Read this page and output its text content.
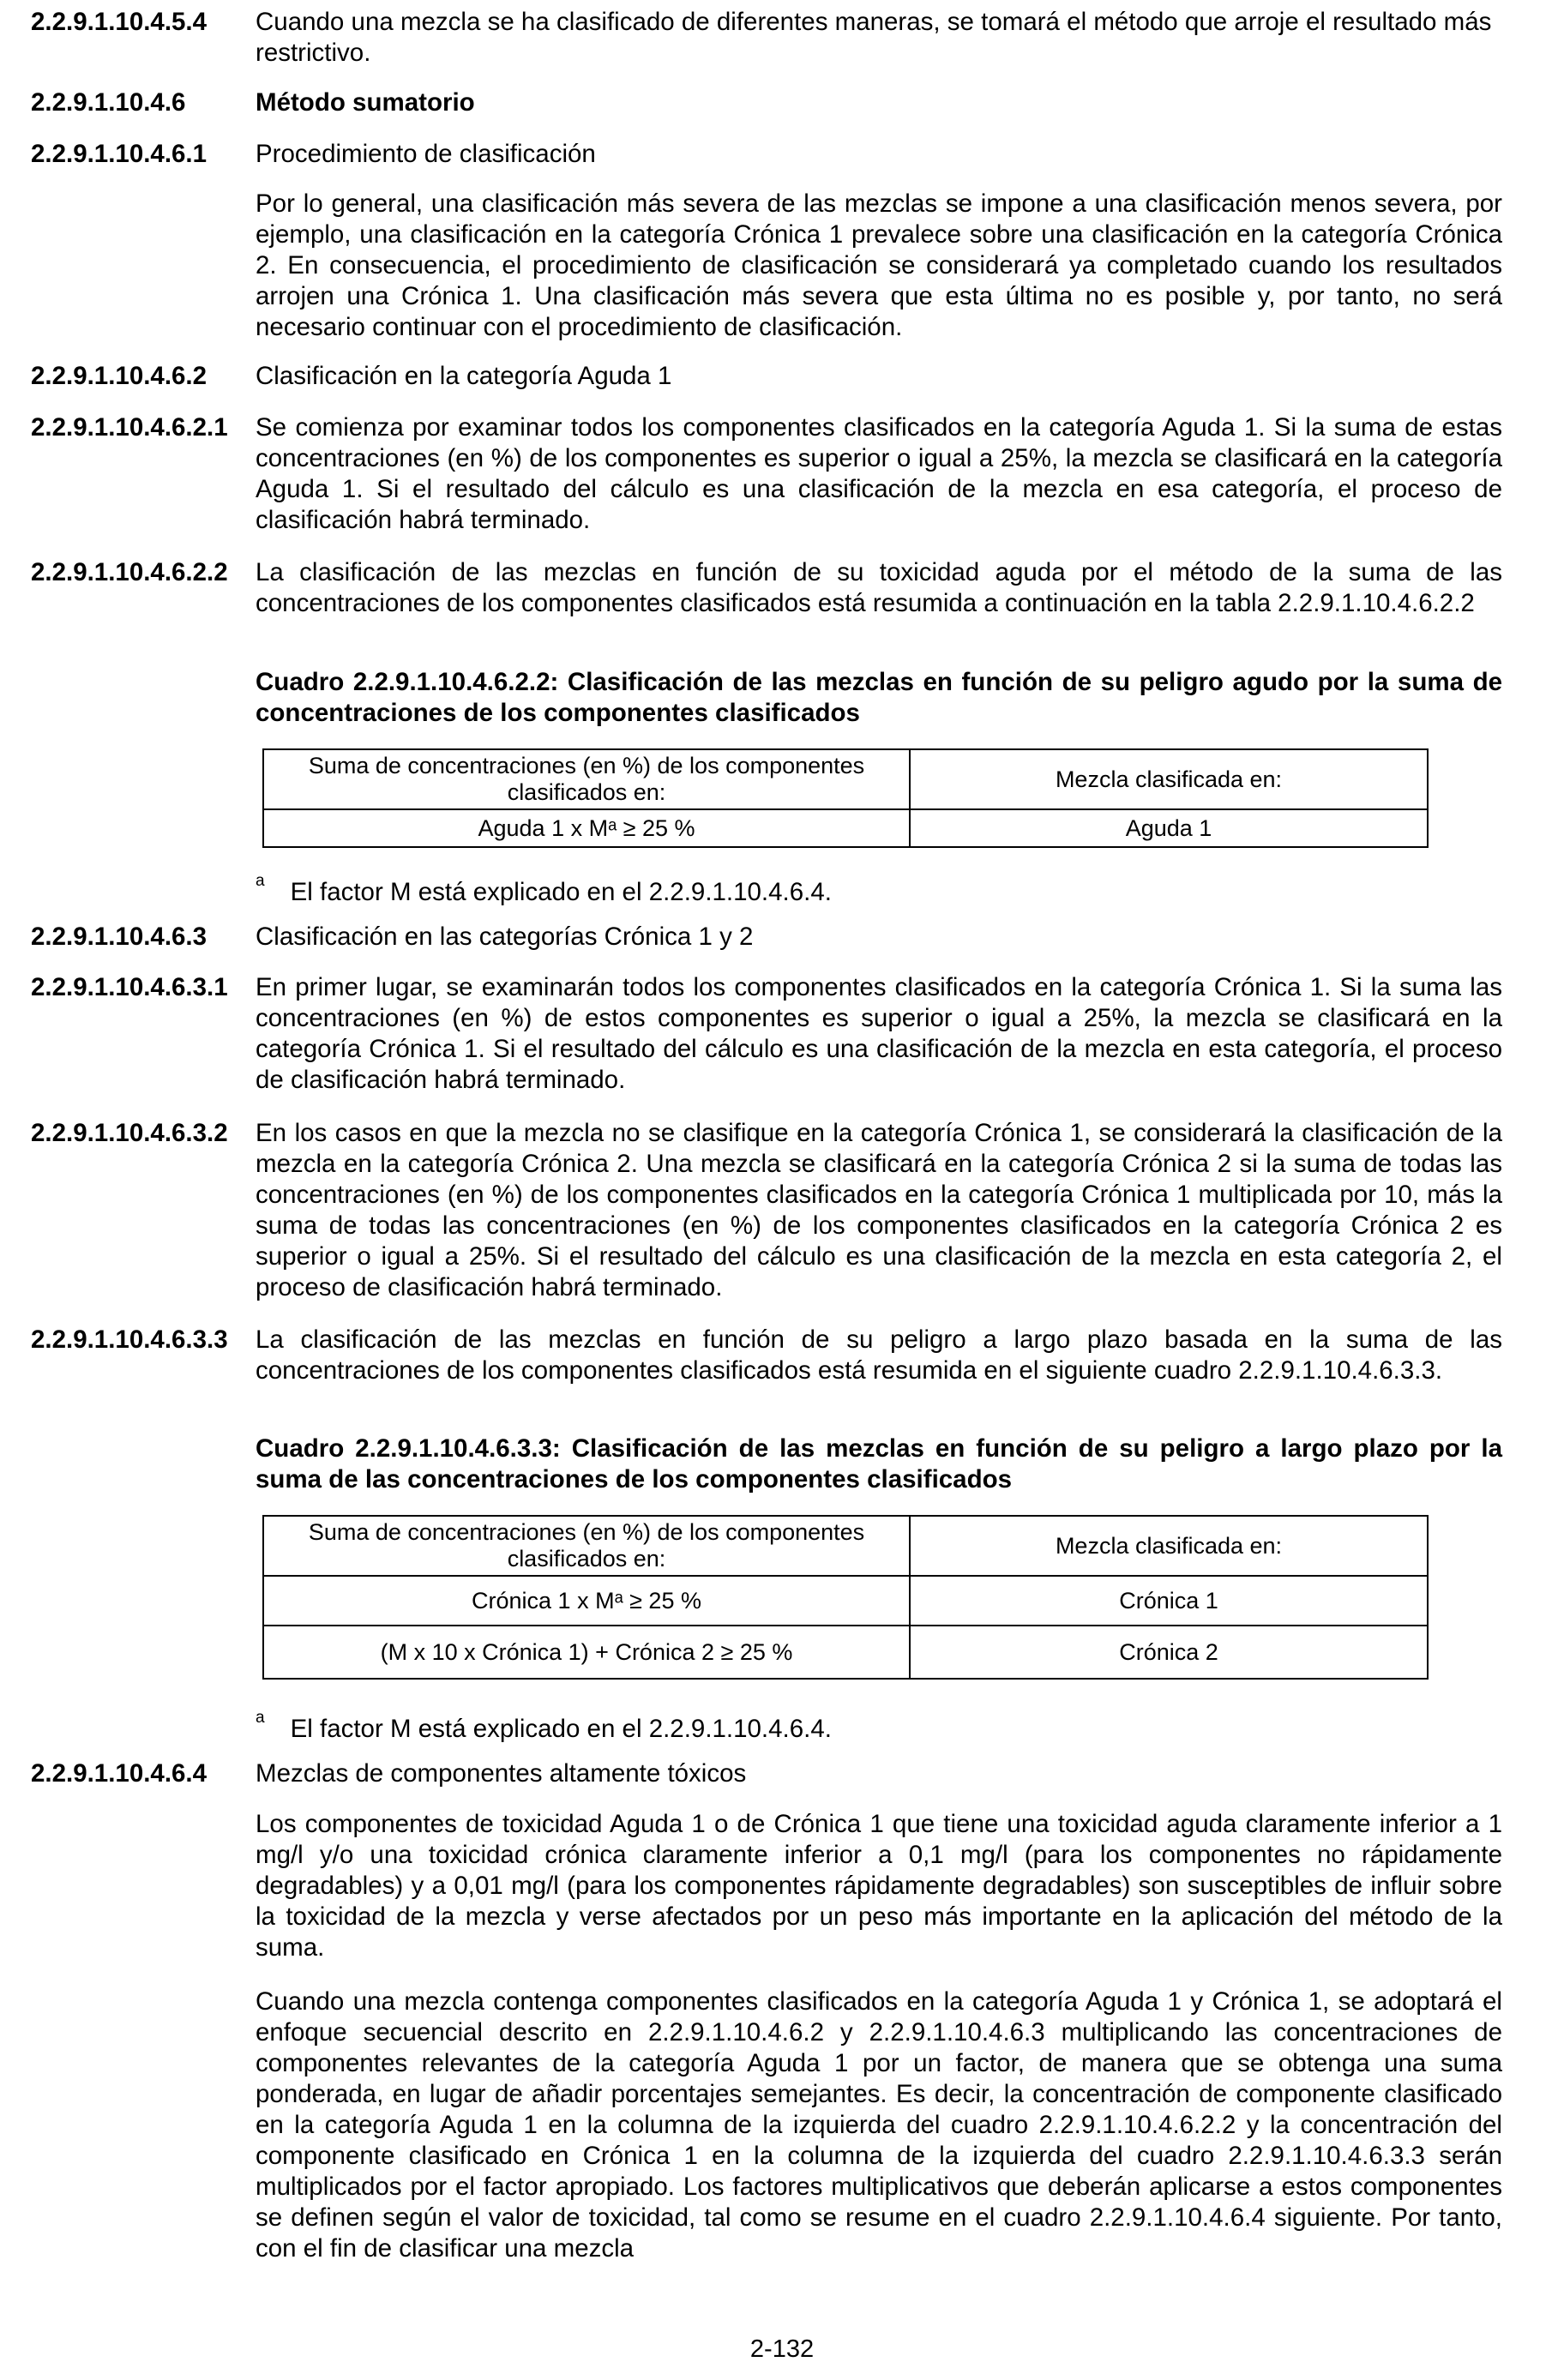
2.2.9.1.10.4.5.4 Cuando una mezcla se ha clasificado de diferentes maneras, se tomará el método que arroje el resultado más restrictivo.
2.2.9.1.10.4.6	Método sumatorio
2.2.9.1.10.4.6.1 Procedimiento de clasificación
Por lo general, una clasificación más severa de las mezclas se impone a una clasificación menos severa, por ejemplo, una clasificación en la categoría Crónica 1 prevalece sobre una clasificación en la categoría Crónica 2. En consecuencia, el procedimiento de clasificación se considerará ya completado cuando los resultados arrojen una Crónica 1. Una clasificación más severa que esta última no es posible y, por tanto, no será necesario continuar con el procedimiento de clasificación.
2.2.9.1.10.4.6.2 Clasificación en la categoría Aguda 1
2.2.9.1.10.4.6.2.1 Se comienza por examinar todos los componentes clasificados en la categoría Aguda 1. Si la suma de estas concentraciones (en %) de los componentes es superior o igual a 25%, la mezcla se clasificará en la categoría Aguda 1. Si el resultado del cálculo es una clasificación de la mezcla en esa categoría, el proceso de clasificación habrá terminado.
2.2.9.1.10.4.6.2.2 La clasificación de las mezclas en función de su toxicidad aguda por el método de la suma de las concentraciones de los componentes clasificados está resumida a continuación en la tabla 2.2.9.1.10.4.6.2.2
Cuadro 2.2.9.1.10.4.6.2.2: Clasificación de las mezclas en función de su peligro agudo por la suma de concentraciones de los componentes clasificados
Suma de concentraciones (en %) de los componentes clasificados en:	Mezcla clasificada en:
Aguda 1 x Mᵃ ≥ 25 %	Aguda 1
$^a$ El factor M está explicado en el 2.2.9.1.10.4.6.4.
2.2.9.1.10.4.6.3 Clasificación en las categorías Crónica 1 y 2
2.2.9.1.10.4.6.3.1 En primer lugar, se examinarán todos los componentes clasificados en la categoría Crónica 1. Si la suma las concentraciones (en %) de estos componentes es superior o igual a 25%, la mezcla se clasificará en la categoría Crónica 1. Si el resultado del cálculo es una clasificación de la mezcla en esta categoría, el proceso de clasificación habrá terminado.
2.2.9.1.10.4.6.3.2 En los casos en que la mezcla no se clasifique en la categoría Crónica 1, se considerará la clasificación de la mezcla en la categoría Crónica 2. Una mezcla se clasificará en la categoría Crónica 2 si la suma de todas las concentraciones (en %) de los componentes clasificados en la categoría Crónica 1 multiplicada por 10, más la suma de todas las concentraciones (en %) de los componentes clasificados en la categoría Crónica 2 es superior o igual a 25%. Si el resultado del cálculo es una clasificación de la mezcla en esta categoría 2, el proceso de clasificación habrá terminado.
2.2.9.1.10.4.6.3.3 La clasificación de las mezclas en función de su peligro a largo plazo basada en la suma de las concentraciones de los componentes clasificados está resumida en el siguiente cuadro 2.2.9.1.10.4.6.3.3.
Cuadro 2.2.9.1.10.4.6.3.3: Clasificación de las mezclas en función de su peligro a largo plazo por la suma de las concentraciones de los componentes clasificados
Suma de concentraciones (en %) de los componentes clasificados en:	Mezcla clasificada en:
Crónica 1 x Mᵃ ≥ 25 %	Crónica 1
(M x 10 x Crónica 1) + Crónica 2 ≥ 25 %	Crónica 2
$^a$ El factor M está explicado en el 2.2.9.1.10.4.6.4.
2.2.9.1.10.4.6.4 Mezclas de componentes altamente tóxicos
Los componentes de toxicidad Aguda 1 o de Crónica 1 que tiene una toxicidad aguda claramente inferior a 1 mg/l y/o una toxicidad crónica claramente inferior a 0,1 mg/l (para los componentes no rápidamente degradables) y a 0,01 mg/l (para los componentes rápidamente degradables) son susceptibles de influir sobre la toxicidad de la mezcla y verse afectados por un peso más importante en la aplicación del método de la suma.
Cuando una mezcla contenga componentes clasificados en la categoría Aguda 1 y Crónica 1, se adoptará el enfoque secuencial descrito en 2.2.9.1.10.4.6.2 y 2.2.9.1.10.4.6.3 multiplicando las concentraciones de componentes relevantes de la categoría Aguda 1 por un factor, de manera que se obtenga una suma ponderada, en lugar de añadir porcentajes semejantes. Es decir, la concentración de componente clasificado en la categoría Aguda 1 en la columna de la izquierda del cuadro 2.2.9.1.10.4.6.2.2 y la concentración del componente clasificado en Crónica 1 en la columna de la izquierda del cuadro 2.2.9.1.10.4.6.3.3 serán multiplicados por el factor apropiado. Los factores multiplicativos que deberán aplicarse a estos componentes se definen según el valor de toxicidad, tal como se resume en el cuadro 2.2.9.1.10.4.6.4 siguiente. Por tanto, con el fin de clasificar una mezcla
2-132
